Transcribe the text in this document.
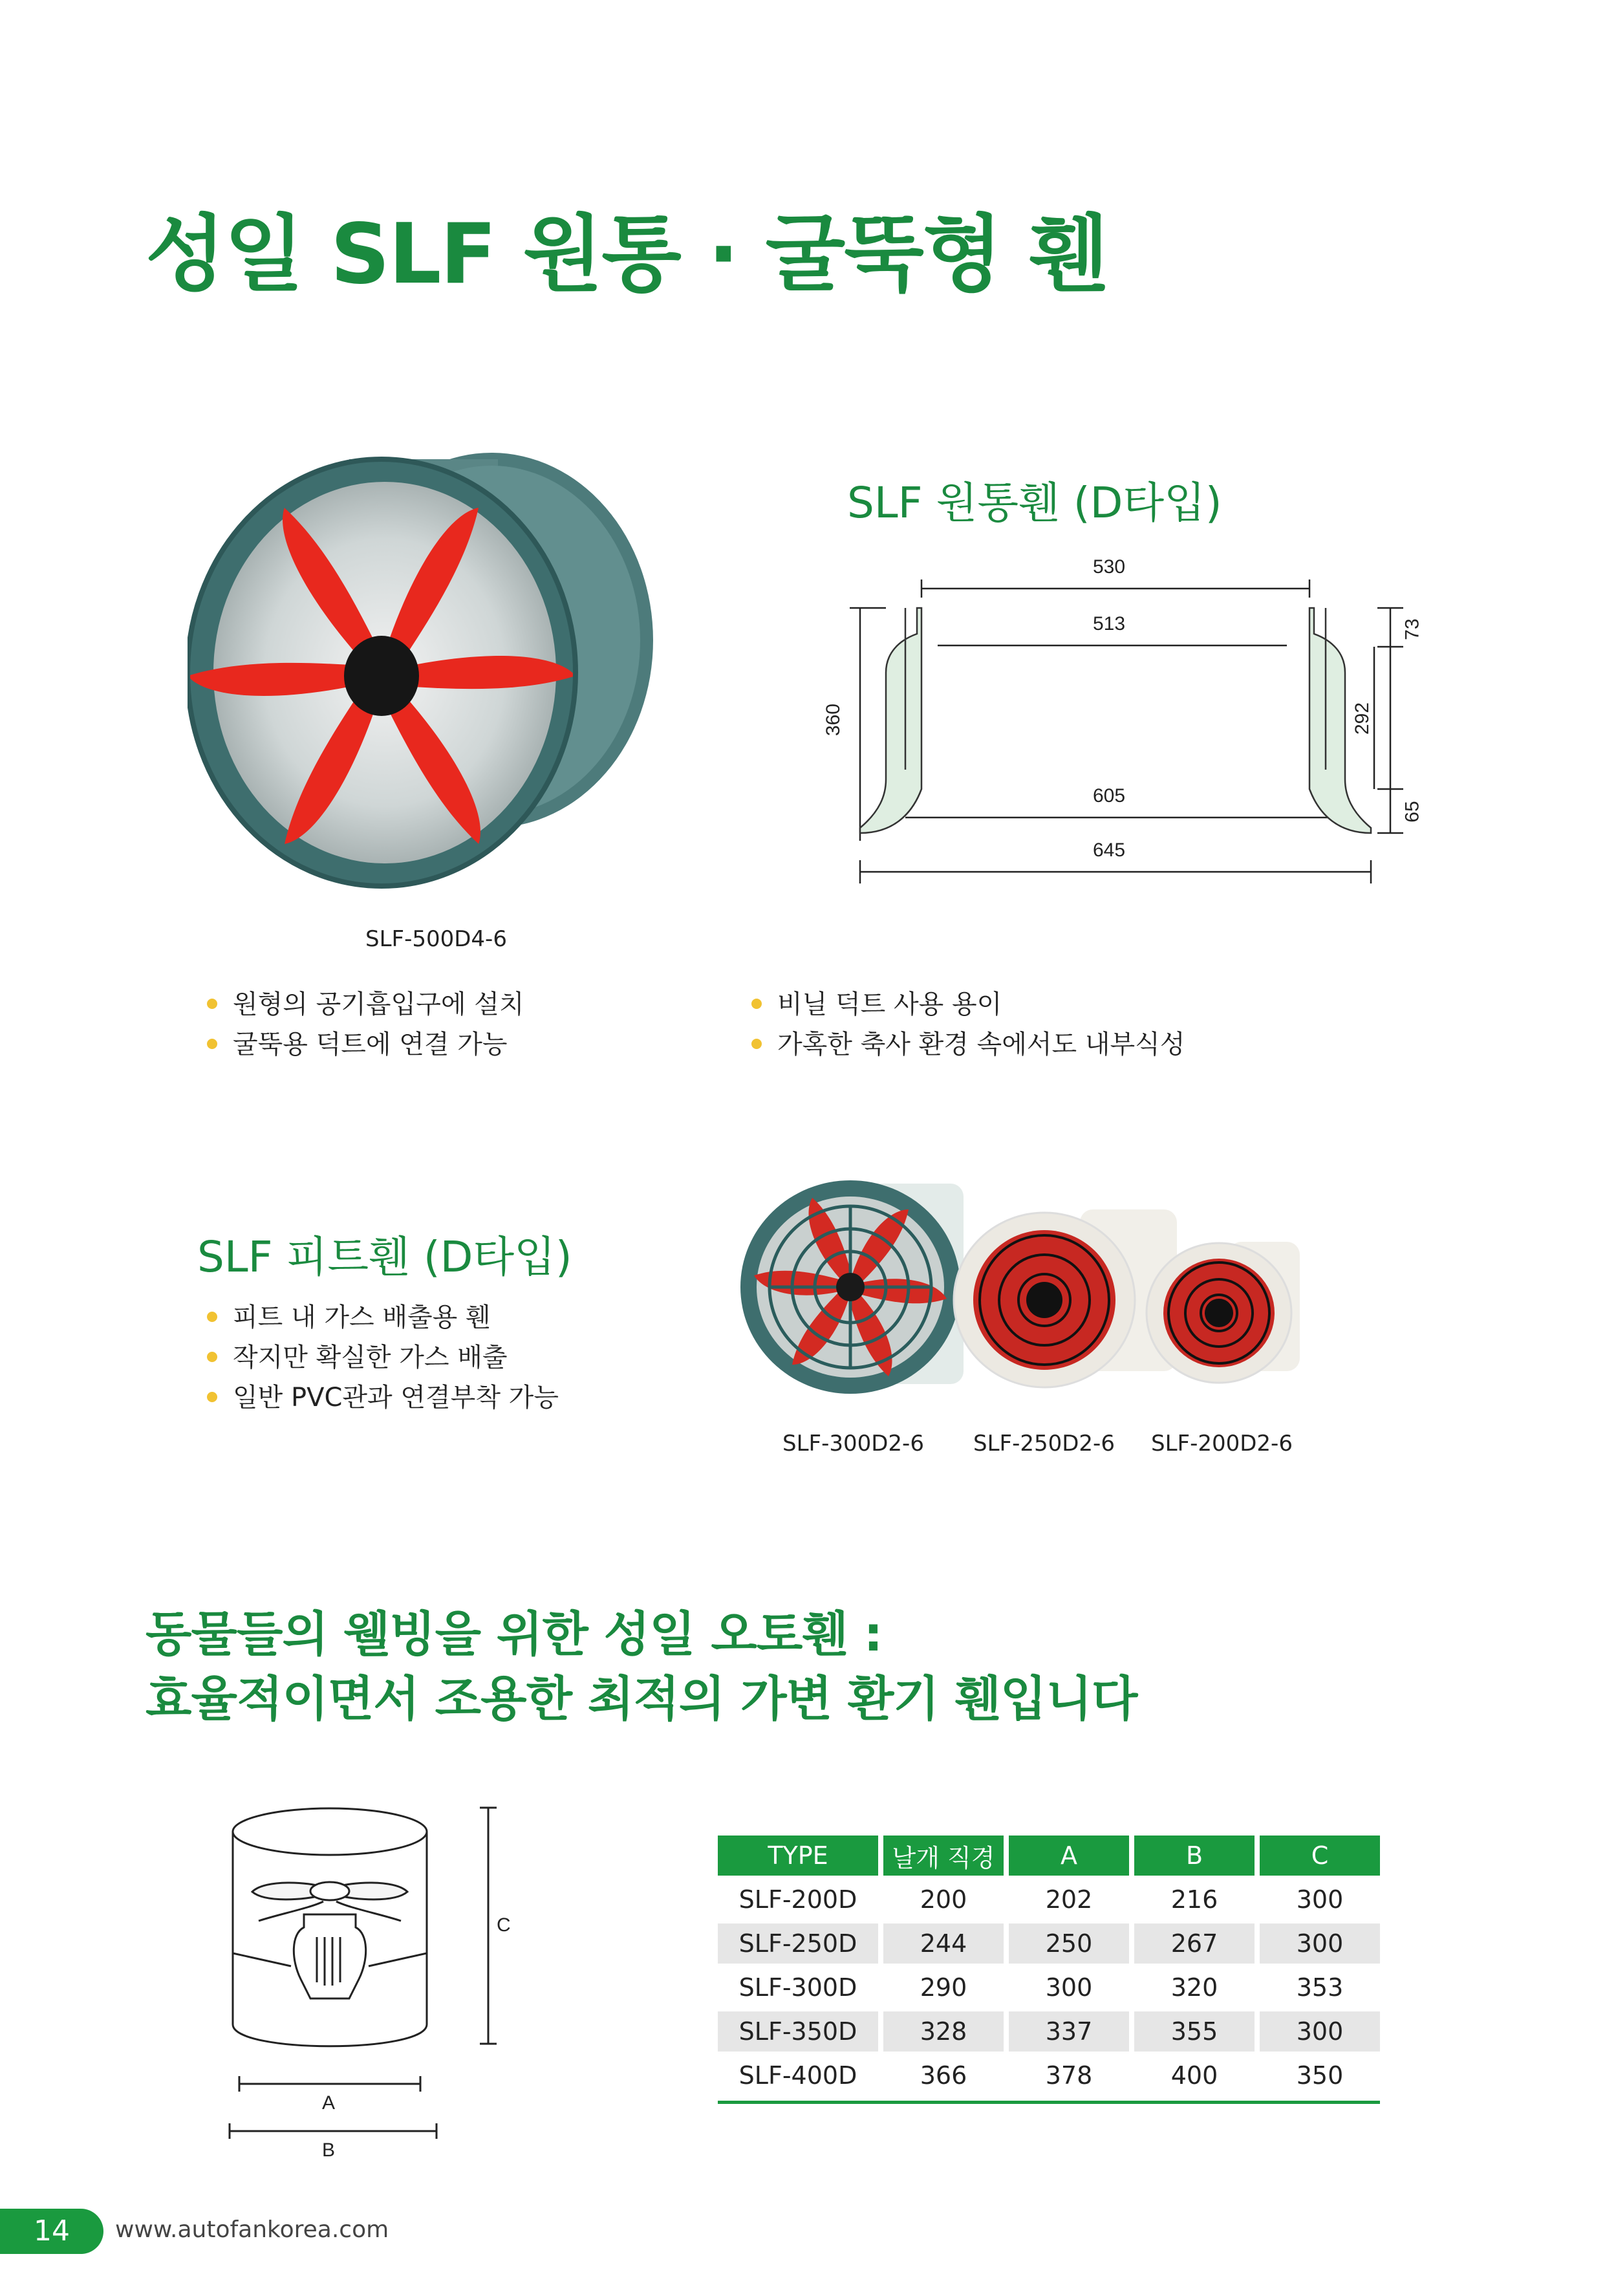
성일 SLF 원통 · 굴뚝형 휀
SLF-500D4-6
SLF 원통휀 (D타입)
530
513
605
645
360	292
73
65
원형의 공기흡입구에 설치
굴뚝용 덕트에 연결 가능
비닐 덕트 사용 용이
가혹한 축사 환경 속에서도 내부식성
SLF 피트휀 (D타입)
피트 내 가스 배출용 휀
작지만 확실한 가스 배출
일반 PVC관과 연결부착 가능
SLF-300D2-6 SLF-250D2-6 SLF-200D2-6
동물들의 웰빙을 위한 성일 오토휀 :
효율적이면서 조용한 최적의 가변 환기 휀입니다
C
A
B
TYPE	날개 직경	A	B	C
SLF-200D	200	202	216	300
SLF-250D	244	250	267	300
SLF-300D	290	300	320	353
SLF-350D	328	337	355	300
SLF-400D	366	378	400	350
14	www.autofankorea.com
